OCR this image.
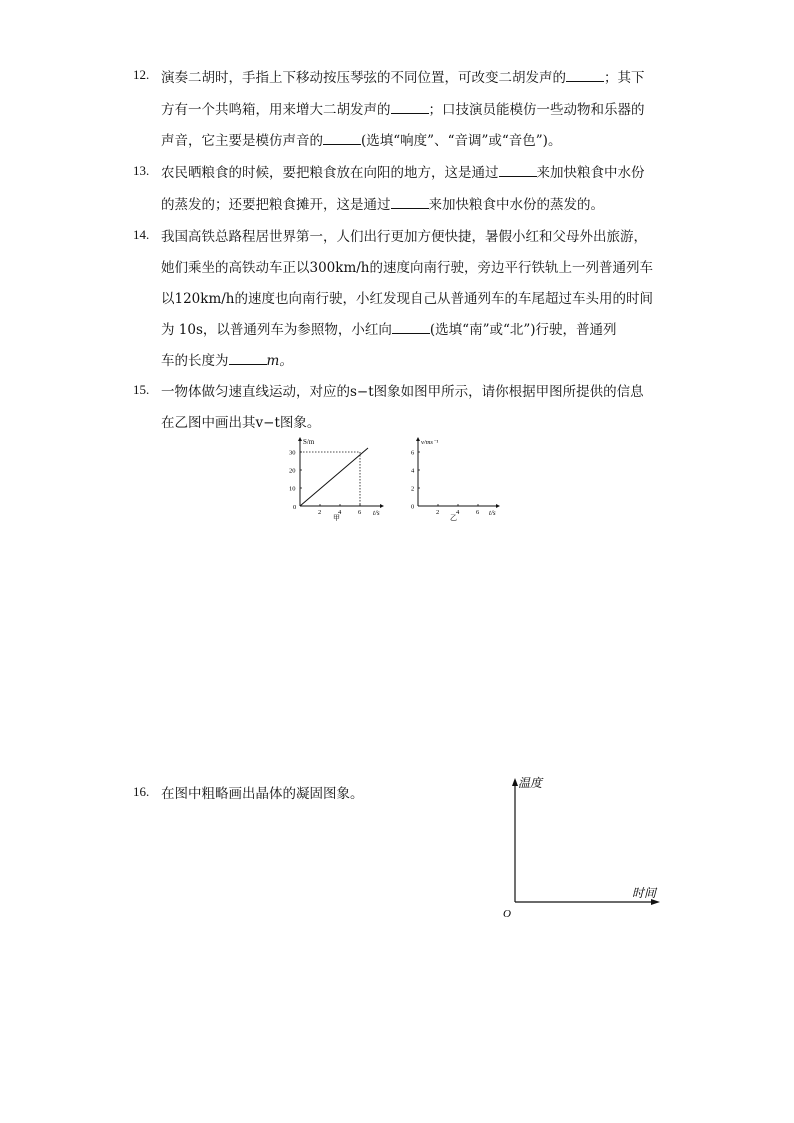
12. 演奏二胡时，手指上下移动按压琴弦的不同位置，可改变二胡发声的	；其下
方有一个共鸣箱，用来增大二胡发声的	；口技演员能模仿一些动物和乐器的
声音，它主要是模仿声音的	(选填“响度”、“音调”或“音色”)。
13. 农民晒粮食的时候，要把粮食放在向阳的地方，这是通过	来加快粮食中水份
的蒸发的；还要把粮食摊开，这是通过	来加快粮食中水份的蒸发的。
14. 我国高铁总路程居世界第一，人们出行更加方便快捷，暑假小红和父母外出旅游，
她们乘坐的高铁动车正以300km/h的速度向南行驶，旁边平行铁轨上一列普通列车
以120km/h的速度也向南行驶，小红发现自己从普通列车的车尾超过车头用的时间
为 10s，以普通列车为参照物，小红向	(选填“南”或“北”)行驶，普通列
车的长度为	m。
15. 一物体做匀速直线运动，对应的s−t图象如图甲所示，请你根据甲图所提供的信息
在乙图中画出其v−t图象。
S/m
t/s
甲
0
2	4	6
10
20
30
v/ms⁻¹
t/s
乙
2	4	6
0
2
4
6
16. 在图中粗略画出晶体的凝固图象。
温度
时间
O
